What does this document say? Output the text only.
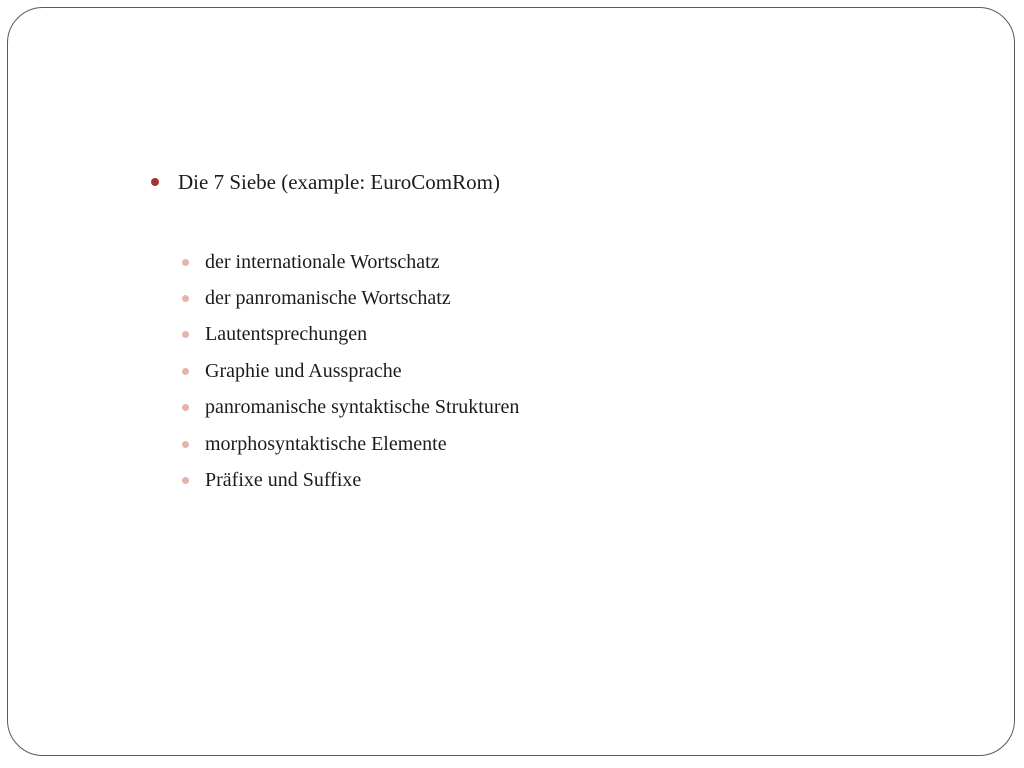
Die 7 Siebe (example: EuroComRom)
der internationale Wortschatz
der panromanische Wortschatz
Lautentsprechungen
Graphie und Aussprache
panromanische syntaktische Strukturen
morphosyntaktische Elemente
Präfixe und Suffixe
